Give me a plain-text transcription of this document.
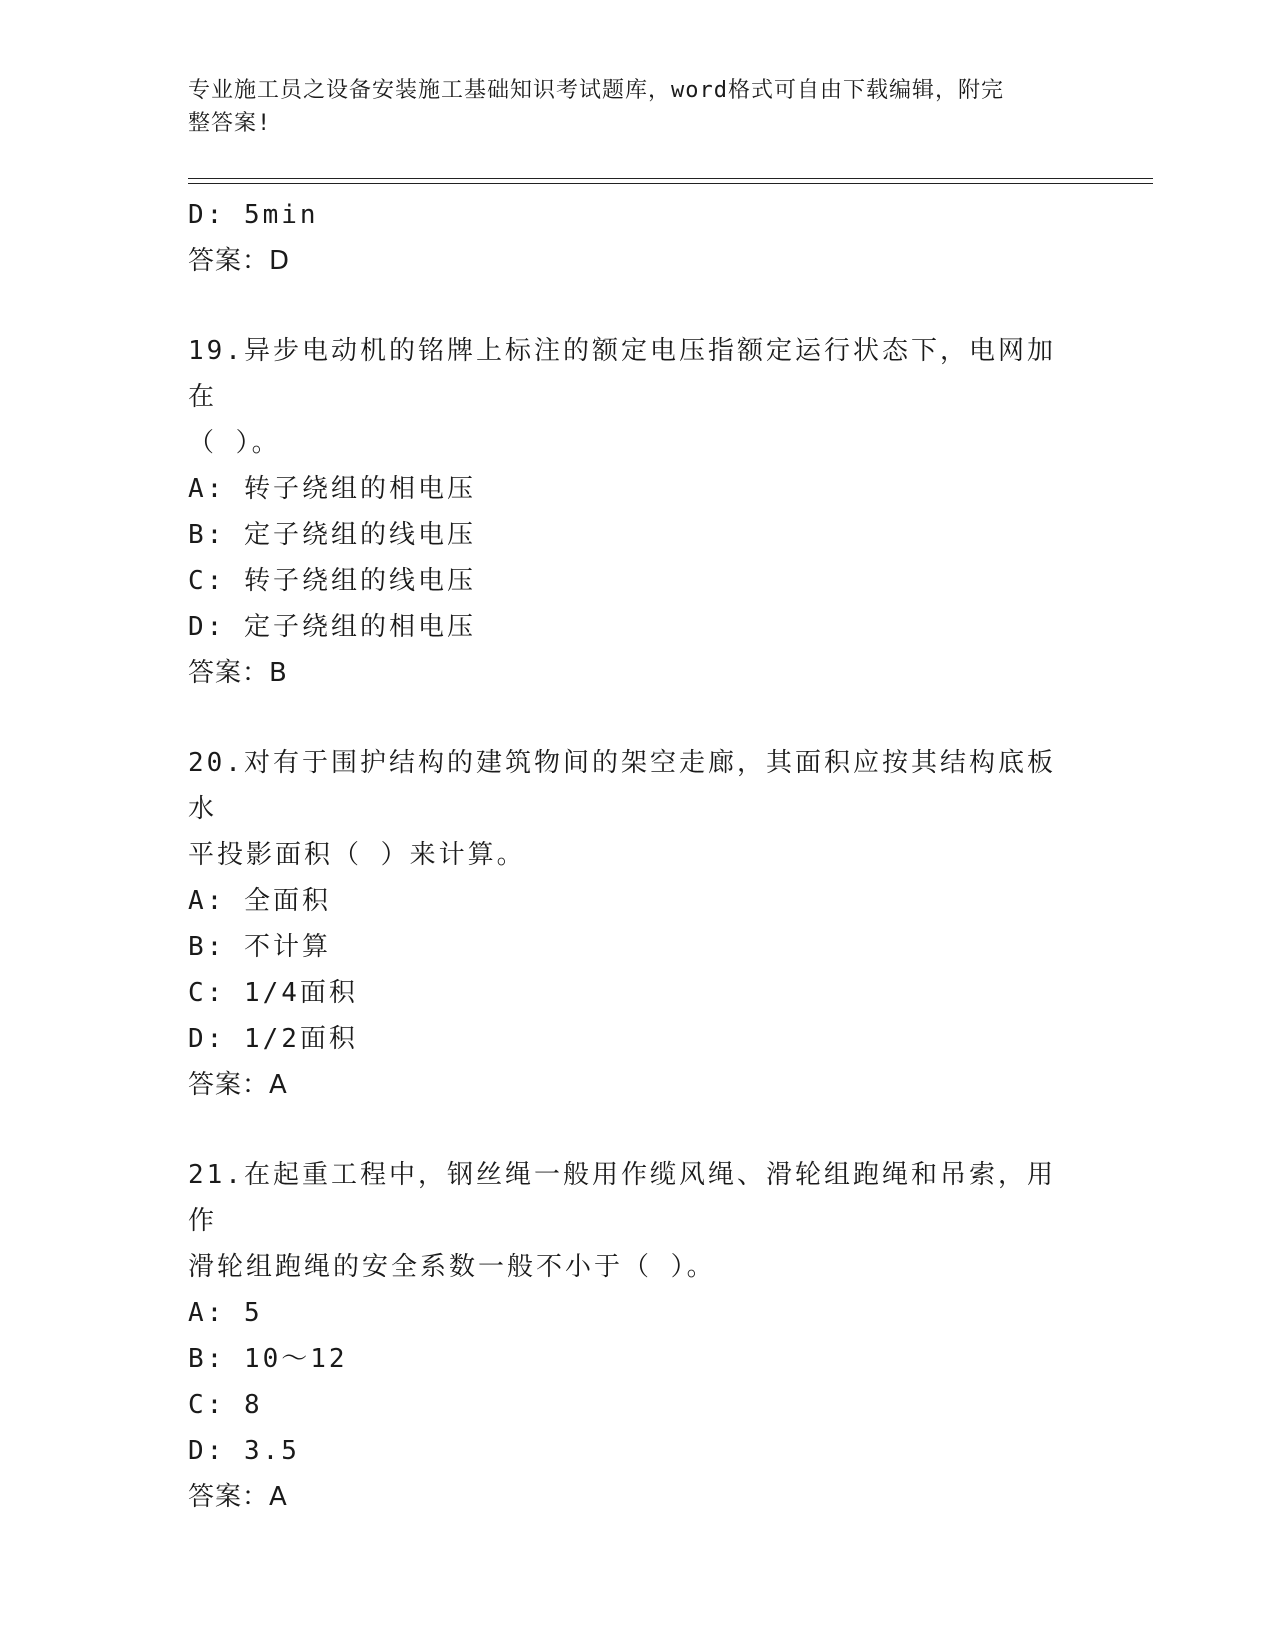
专业施工员之设备安装施工基础知识考试题库，word格式可自由下载编辑，附完
整答案!
D: 5min
答案：D
19.异步电动机的铭牌上标注的额定电压指额定运行状态下，电网加在
（ ）。
A: 转子绕组的相电压
B: 定子绕组的线电压
C: 转子绕组的线电压
D: 定子绕组的相电压
答案：B
20.对有于围护结构的建筑物间的架空走廊，其面积应按其结构底板水
平投影面积（ ）来计算。
A: 全面积
B: 不计算
C: 1/4面积
D: 1/2面积
答案：A
21.在起重工程中，钢丝绳一般用作缆风绳、滑轮组跑绳和吊索，用作
滑轮组跑绳的安全系数一般不小于（ ）。
A: 5
B: 10～12
C: 8
D: 3.5
答案：A
